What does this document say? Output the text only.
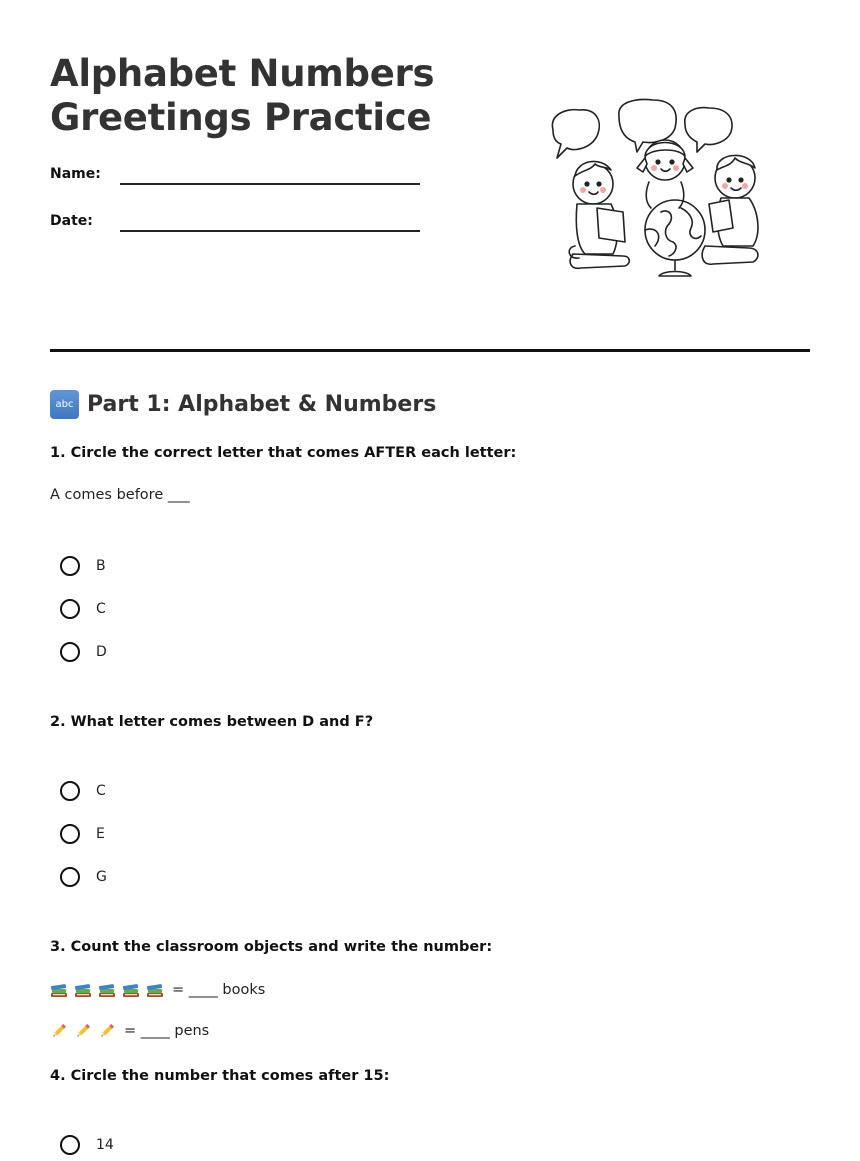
Alphabet Numbers
Greetings Practice
Name:
Date:
abc Part 1: Alphabet & Numbers
1. Circle the correct letter that comes AFTER each letter:
A comes before ___
B
C
D
2. What letter comes between D and F?
C
E
G
3. Count the classroom objects and write the number:
= ____ books
= ____ pens
4. Circle the number that comes after 15:
14
